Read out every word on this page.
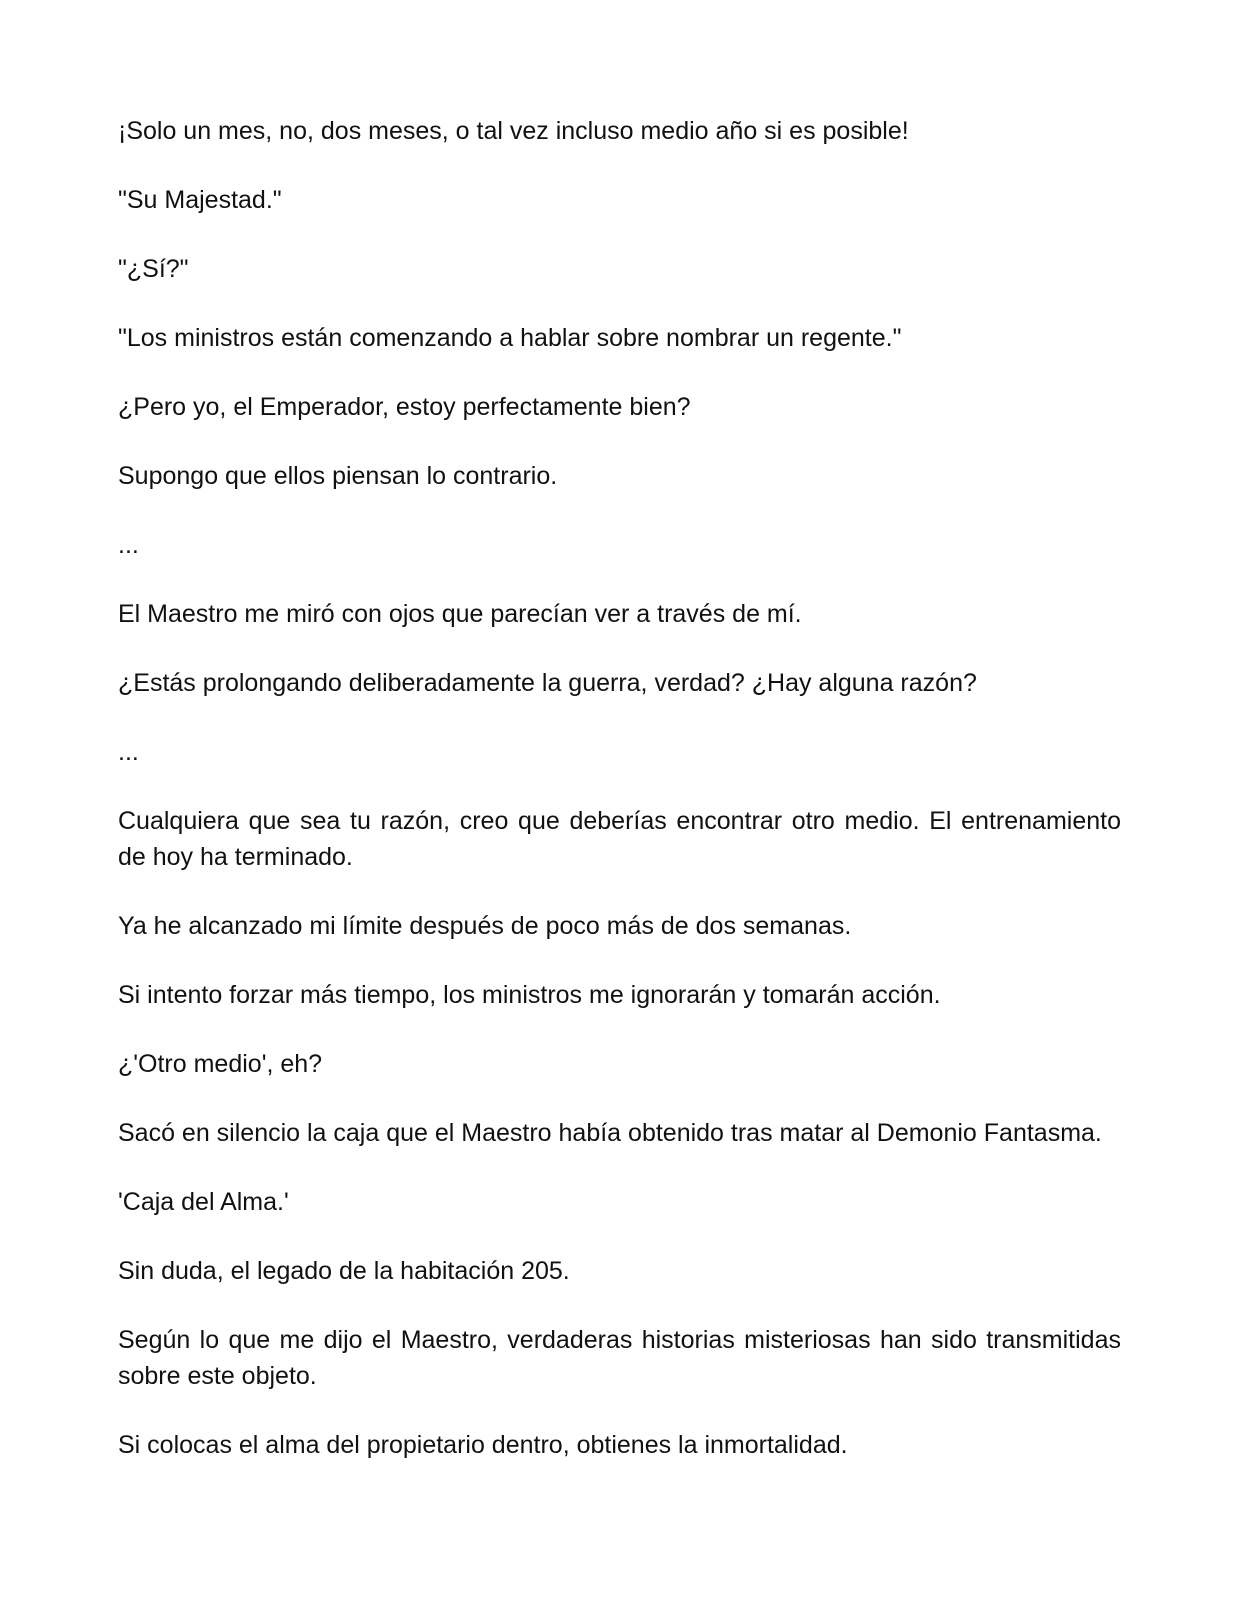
¡Solo un mes, no, dos meses, o tal vez incluso medio año si es posible!

"Su Majestad."

"¿Sí?"

"Los ministros están comenzando a hablar sobre nombrar un regente."

¿Pero yo, el Emperador, estoy perfectamente bien?

Supongo que ellos piensan lo contrario.

...

El Maestro me miró con ojos que parecían ver a través de mí.

¿Estás prolongando deliberadamente la guerra, verdad? ¿Hay alguna razón?

...

Cualquiera que sea tu razón, creo que deberías encontrar otro medio. El entrenamiento de hoy ha terminado.

Ya he alcanzado mi límite después de poco más de dos semanas.

Si intento forzar más tiempo, los ministros me ignorarán y tomarán acción.

¿'Otro medio', eh?

Sacó en silencio la caja que el Maestro había obtenido tras matar al Demonio Fantasma.

'Caja del Alma.'

Sin duda, el legado de la habitación 205.

Según lo que me dijo el Maestro, verdaderas historias misteriosas han sido transmitidas sobre este objeto.

Si colocas el alma del propietario dentro, obtienes la inmortalidad.
